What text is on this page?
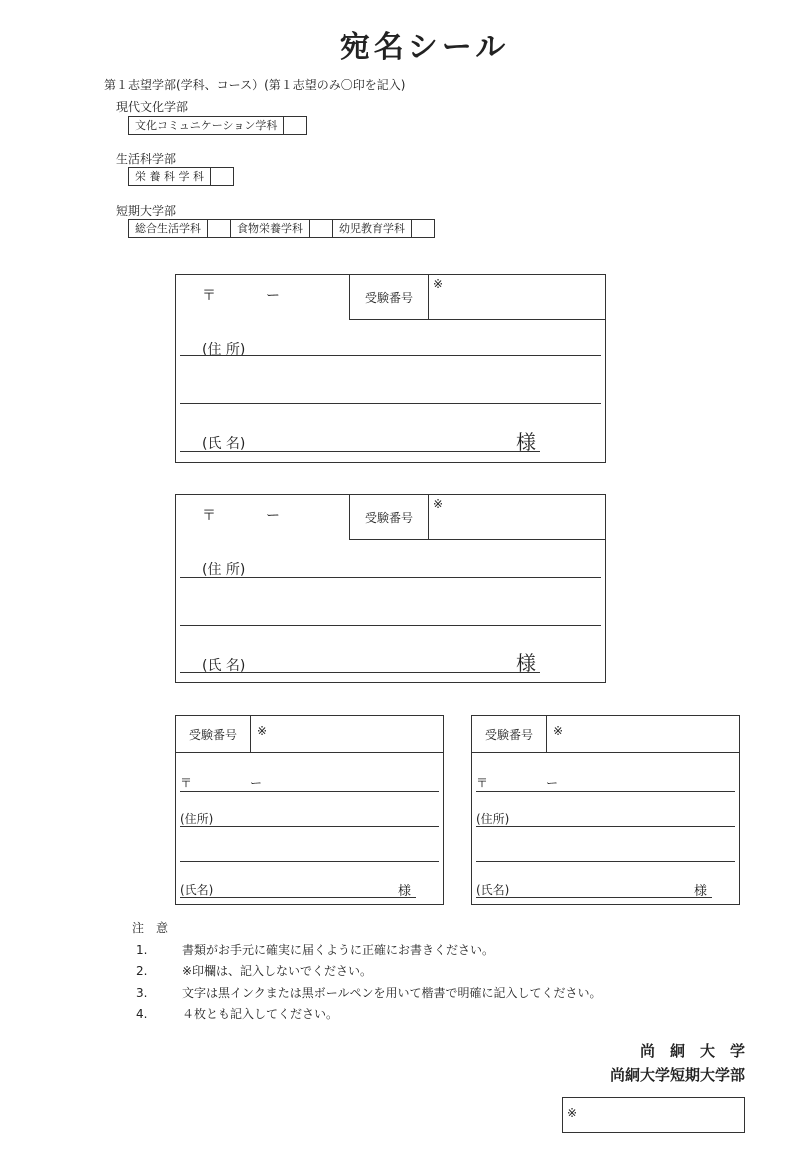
宛名シール
第１志望学部(学科、コース）(第１志望のみ〇印を記入)
現代文化学部
文化コミュニケーション学科
生活科学部
栄 養 科 学 科
短期大学部
総合生活学科	食物栄養学科	幼児教育学科
受験番号
※
〒	ー
(住 所)
(氏 名)	様
受験番号
※
〒	ー
(住 所)
(氏 名)	様
受験番号	※
〒	ー
(住所)
(氏名)	様
受験番号	※
〒	ー
(住所)
(氏名)	様
注　意
1.	書類がお手元に確実に届くように正確にお書きください。
2.	※印欄は、記入しないでください。
3.	文字は黒インクまたは黒ボールペンを用いて楷書で明確に記入してください。
4.	４枚とも記入してください。
尚　絅　大　学
尚絅大学短期大学部
※
